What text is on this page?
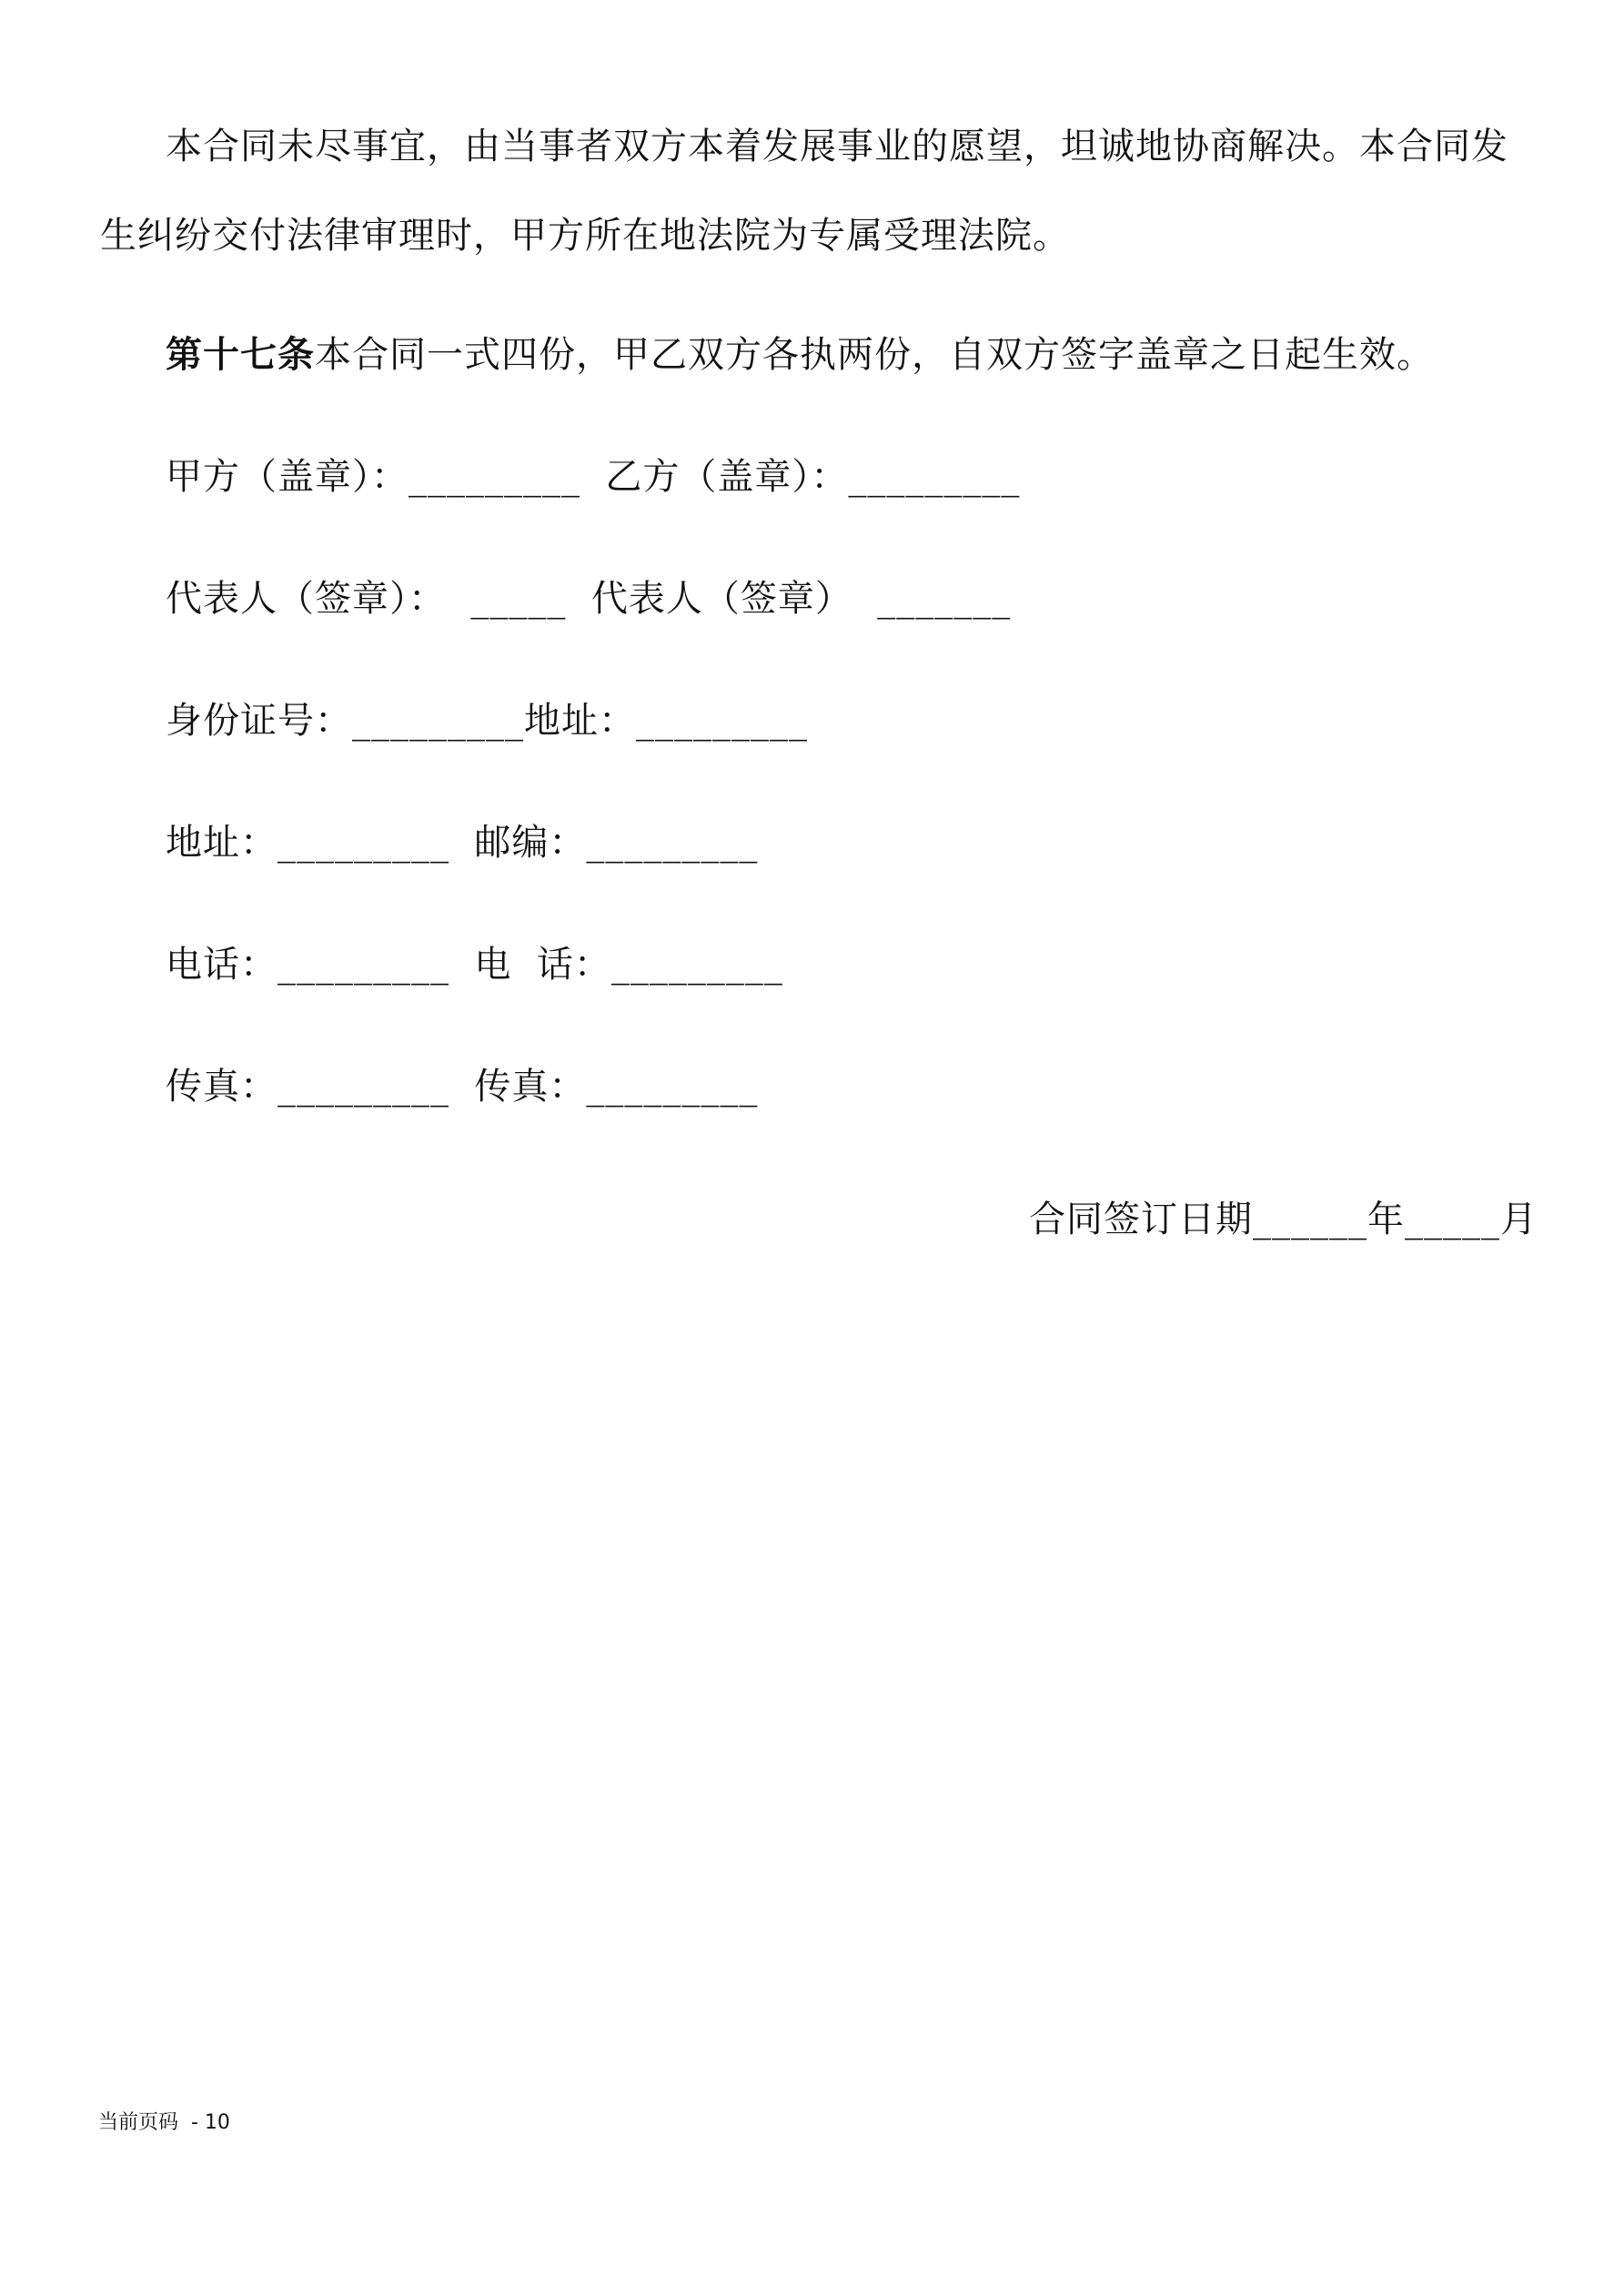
本合同未尽事宜，由当事者双方本着发展事业的愿望，坦诚地协商解决。本合同发生纠纷交付法律审理时，甲方所在地法院为专属受理法院。

第十七条本合同一式四份，甲乙双方各执两份，自双方签字盖章之日起生效。

甲方（盖章）：_________  乙方（盖章）：_________

代表人（签章）：  _____  代表人（签章）  _______

身份证号：_________地址：_________

地址：_________  邮编：_________

电话：_________  电  话：_________

传真：_________  传真：_________

合同签订日期______年_____月
当前页码  - 10
